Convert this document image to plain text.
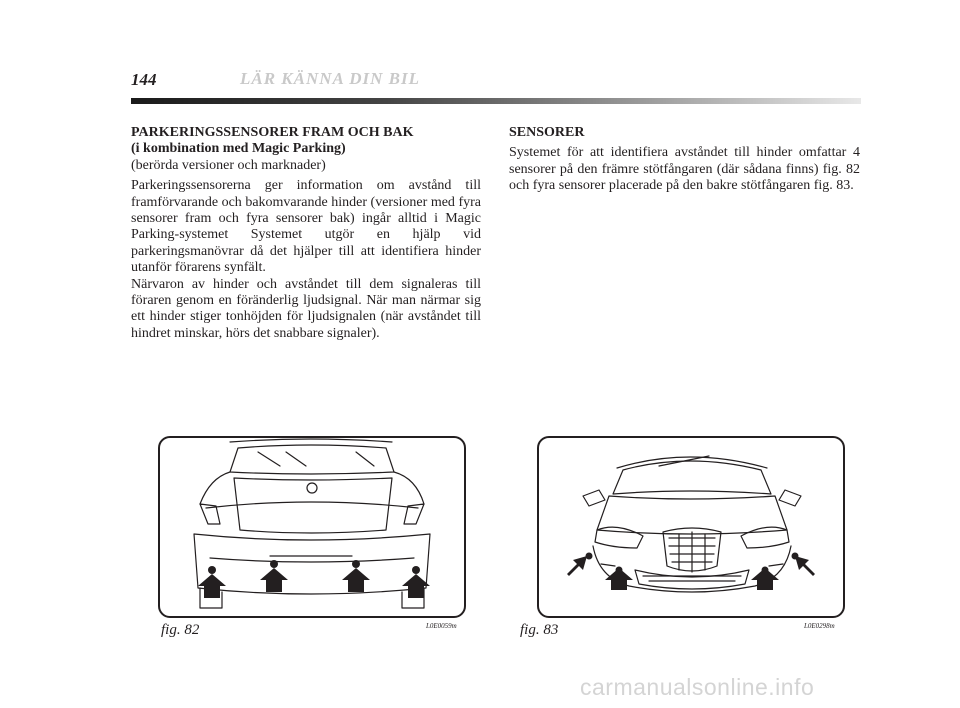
144	LÄR KÄNNA DIN BIL

PARKERINGSSENSORER FRAM OCH BAK

(i kombination med Magic Parking)

(berörda versioner och marknader)

Parkeringssensorerna ger information om avstånd till framförvarande och bakomvarande hinder (versioner med fyra sensorer fram och fyra sensorer bak) ingår alltid i Magic Parking-systemet Systemet utgör en hjälp vid parkeringsmanövrar då det hjälper till att identifiera hinder utanför förarens synfält.

Närvaron av hinder och avståndet till dem signaleras till föraren genom en föränderlig ljudsignal. När man närmar sig ett hinder stiger tonhöjden för ljudsignalen (när avståndet till hindret minskar, hörs det snabbare signaler).

SENSORER

Systemet för att identifiera avståndet till hinder omfattar 4 sensorer på den främre stötfångaren (där sådana finns) fig. 82 och fyra sensorer placerade på den bakre stötfångaren fig. 83.

fig. 82	L0E0059m	fig. 83	L0E0298m
carmanualsonline.info
